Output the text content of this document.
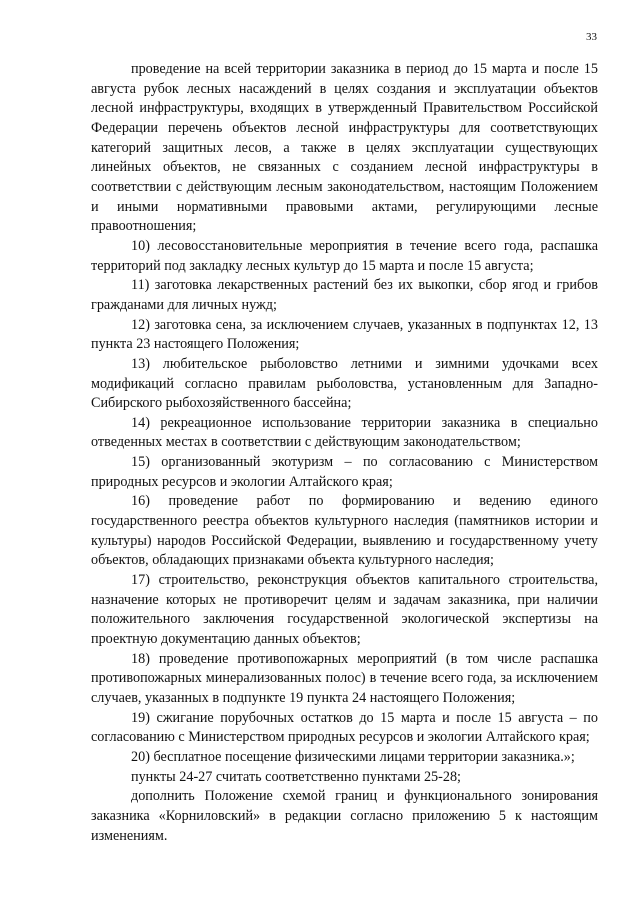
33

проведение на всей территории заказника в период до 15 марта и после 15 августа рубок лесных насаждений в целях создания и эксплуатации объектов лесной инфраструктуры, входящих в утвержденный Правительством Российской Федерации перечень объектов лесной инфраструктуры для соответствующих категорий защитных лесов, а также в целях эксплуатации существующих линейных объектов, не связанных с созданием лесной инфраструктуры в соответствии с действующим лесным законодательством, настоящим Положением и иными нормативными правовыми актами, регулирующими лесные правоотношения;

10) лесовосстановительные мероприятия в течение всего года, распашка территорий под закладку лесных культур до 15 марта и после 15 августа;

11) заготовка лекарственных растений без их выкопки, сбор ягод и грибов гражданами для личных нужд;

12) заготовка сена, за исключением случаев, указанных в подпунктах 12, 13 пункта 23 настоящего Положения;

13) любительское рыболовство летними и зимними удочками всех модификаций согласно правилам рыболовства, установленным для Западно-Сибирского рыбохозяйственного бассейна;

14) рекреационное использование территории заказника в специально отведенных местах в соответствии с действующим законодательством;

15) организованный экотуризм – по согласованию с Министерством природных ресурсов и экологии Алтайского края;

16) проведение работ по формированию и ведению единого государственного реестра объектов культурного наследия (памятников истории и культуры) народов Российской Федерации, выявлению и государственному учету объектов, обладающих признаками объекта культурного наследия;

17) строительство, реконструкция объектов капитального строительства, назначение которых не противоречит целям и задачам заказника, при наличии положительного заключения государственной экологической экспертизы на проектную документацию данных объектов;

18) проведение противопожарных мероприятий (в том числе распашка противопожарных минерализованных полос) в течение всего года, за исключением случаев, указанных в подпункте 19 пункта 24 настоящего Положения;

19) сжигание порубочных остатков до 15 марта и после 15 августа – по согласованию с Министерством природных ресурсов и экологии Алтайского края;

20) бесплатное посещение физическими лицами территории заказника.»;

пункты 24-27 считать соответственно пунктами 25-28;

дополнить Положение схемой границ и функционального зонирования заказника «Корниловский» в редакции согласно приложению 5 к настоящим изменениям.
